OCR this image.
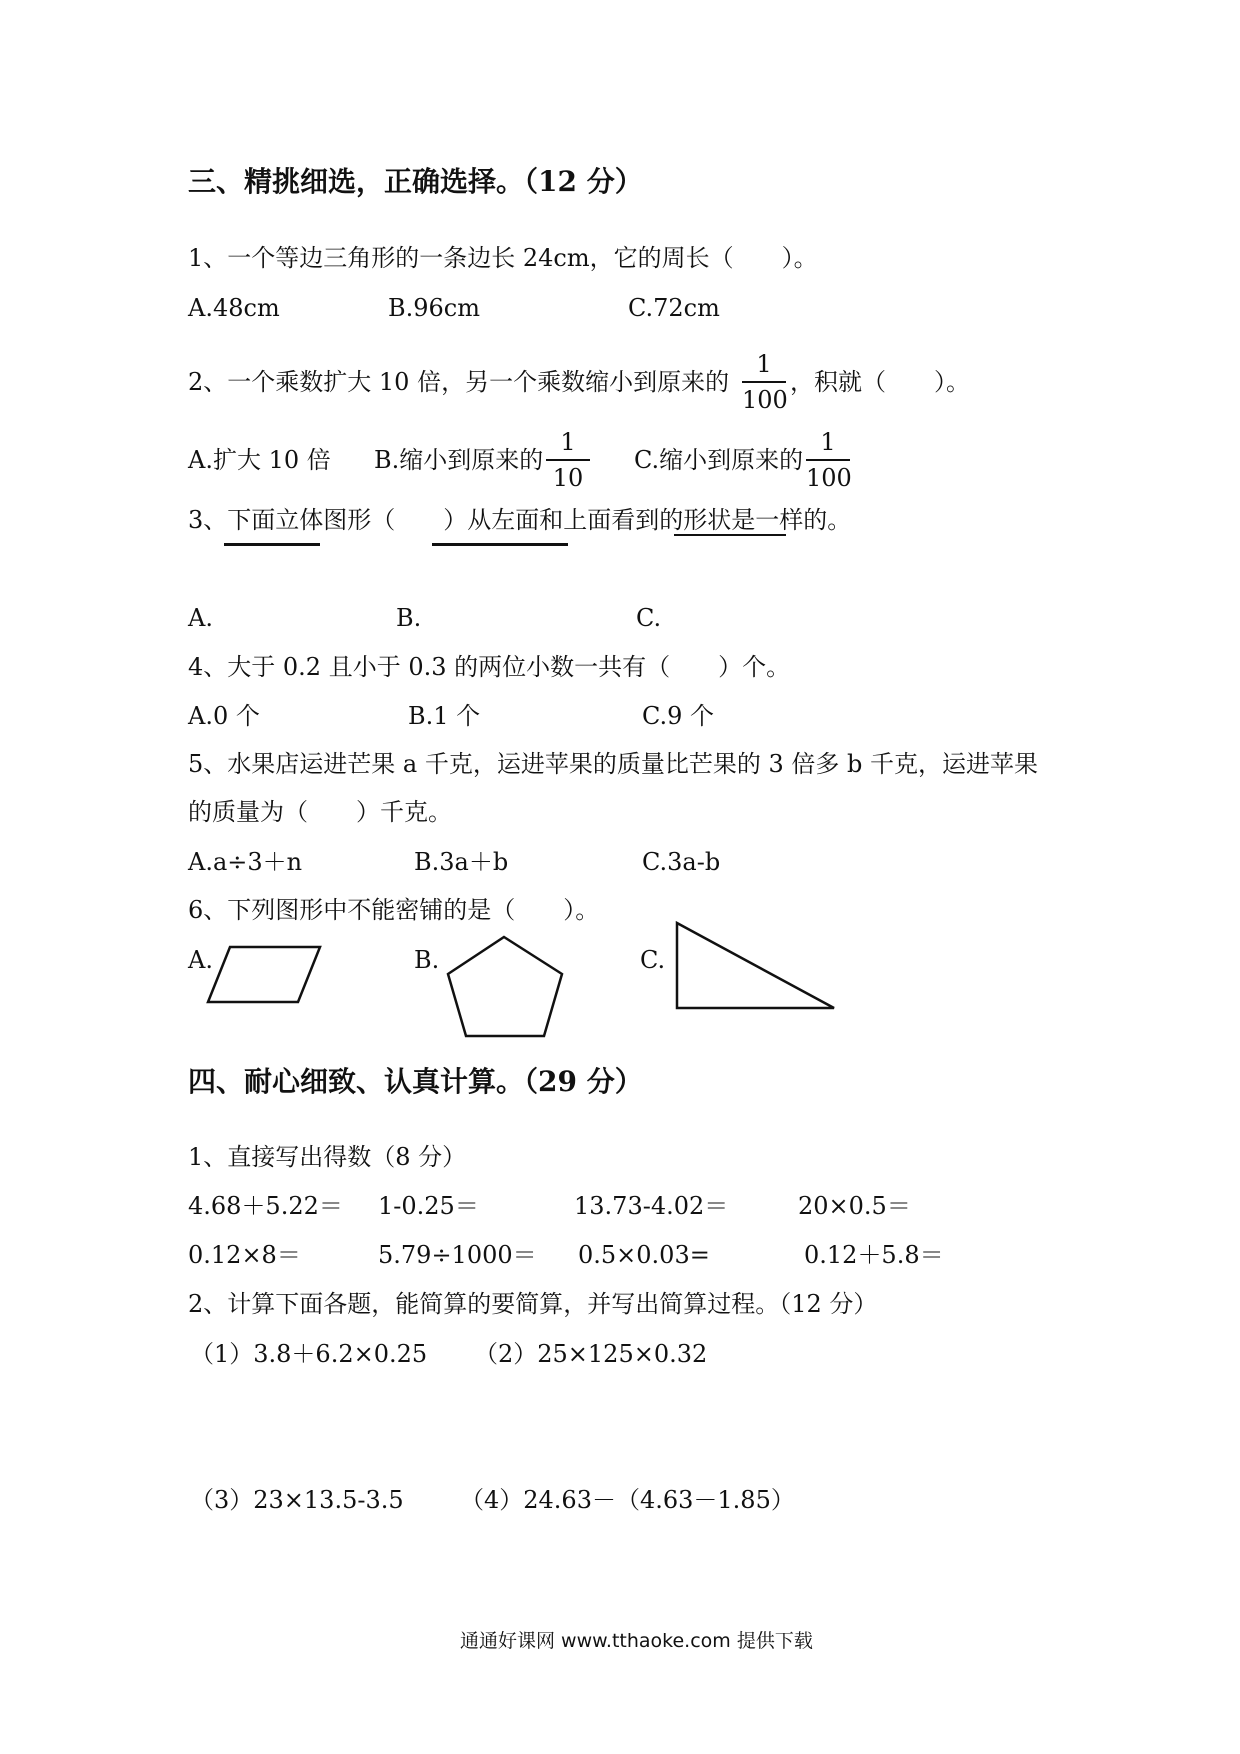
三、精挑细选，正确选择。（12 分）
1、一个等边三角形的一条边长 24cm，它的周长（　　）。
A.48cm	B.96cm	C.72cm
2、一个乘数扩大 10 倍，另一个乘数缩小到原来的
1
100
，积就（　　）。
A.扩大 10 倍 B.缩小到原来的
1
10
C.缩小到原来的
1
100
3、下面立体图形（　　）从左面和上面看到的形状是一样的。
A.	B.	C.
4、大于 0.2 且小于 0.3 的两位小数一共有（　　）个。
A.0 个	B.1 个	C.9 个
5、水果店运进芒果 a 千克，运进苹果的质量比芒果的 3 倍多 b 千克，运进苹果
的质量为（　　）千克。
A.a÷3＋n	B.3a＋b	C.3a-b
6、下列图形中不能密铺的是（　　）。
A.	B.	C.
四、耐心细致、认真计算。（29 分）
1、直接写出得数（8 分）
4.68＋5.22＝ 1-0.25＝	13.73-4.02＝	20×0.5＝
0.12×8＝	5.79÷1000＝ 0.5×0.03=	0.12＋5.8＝
2、计算下面各题，能简算的要简算，并写出简算过程。（12 分）
（1）3.8＋6.2×0.25 （2）25×125×0.32
（3）23×13.5-3.5 （4）24.63－（4.63－1.85）
通通好课网 www.tthaoke.com 提供下载
